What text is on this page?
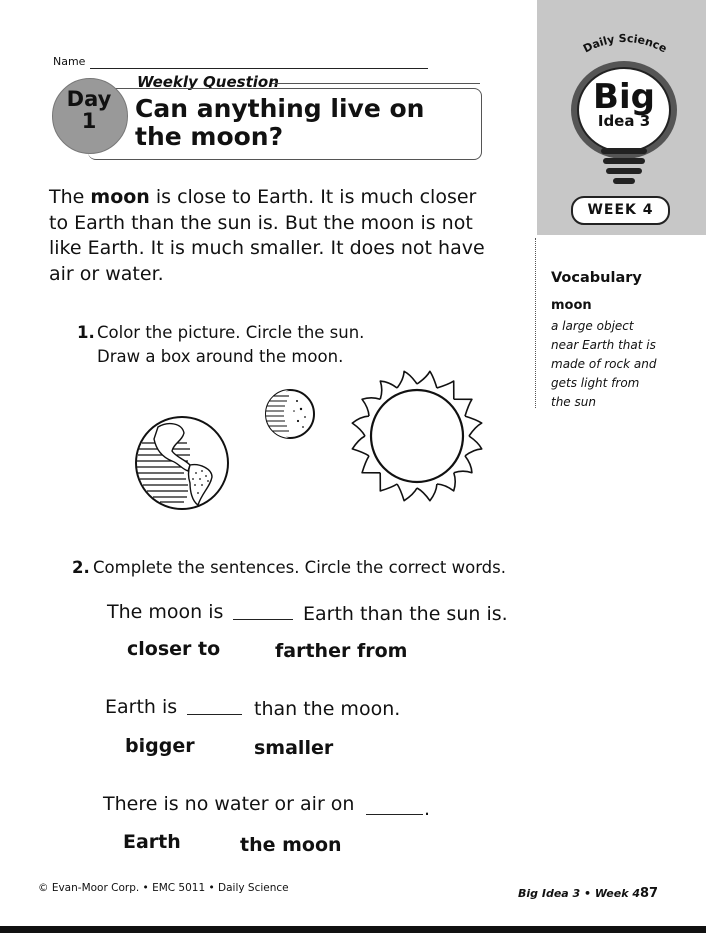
Daily Science
Big
Idea 3
WEEK 4
Name
Weekly Question
Day
1	Can anything live on the moon?
The moon is close to Earth. It is much closer to Earth than the sun is. But the moon is not like Earth. It is much smaller. It does not have air or water.
1. Color the picture. Circle the sun.
Draw a box around the moon.
2. Complete the sentences. Circle the correct words.
The moon is	Earth than the sun is.
closer to	farther from
Earth is	than the moon.
bigger	smaller
There is no water or air on	.
Earth	the moon
Vocabulary
moon
a large object near Earth that is made of rock and gets light from the sun
© Evan-Moor Corp. • EMC 5011 • Daily Science	Big Idea 3 • Week 4 87
